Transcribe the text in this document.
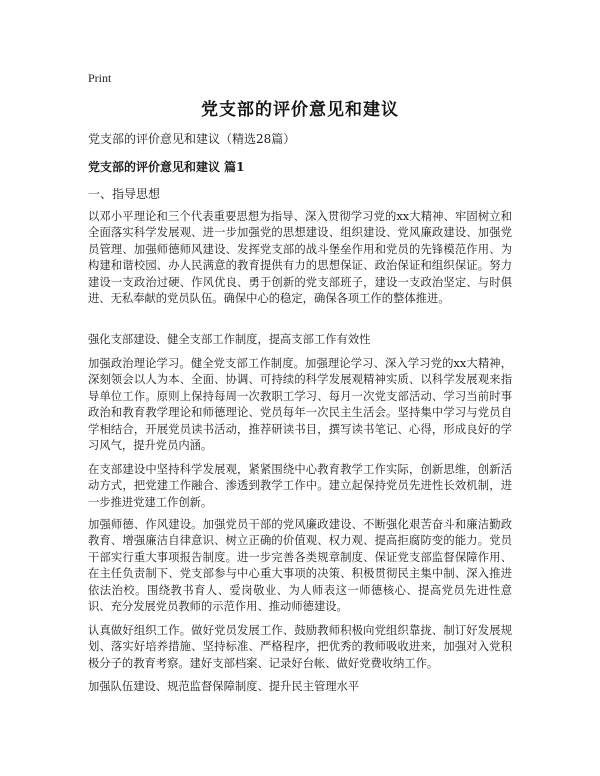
Print
党支部的评价意见和建议
党支部的评价意见和建议（精选28篇）
党支部的评价意见和建议 篇1
一、指导思想

以邓小平理论和三个代表重要思想为指导、深入贯彻学习党的xx大精神、牢固树立和全面落实科学发展观、进一步加强党的思想建设、组织建设、党风廉政建设、加强党员管理、加强师德师风建设、发挥党支部的战斗堡垒作用和党员的先锋模范作用、为构建和谐校园、办人民满意的教育提供有力的思想保证、政治保证和组织保证。努力建设一支政治过硬、作风优良、勇于创新的党支部班子，建设一支政治坚定、与时俱进、无私奉献的党员队伍。确保中心的稳定，确保各项工作的整体推进。

强化支部建设、健全支部工作制度，提高支部工作有效性

加强政治理论学习。健全党支部工作制度。加强理论学习、深入学习党的xx大精神，深刻领会以人为本、全面、协调、可持续的科学发展观精神实质、以科学发展观来指导单位工作。原则上保持每周一次教职工学习、每月一次党支部活动、学习当前时事政治和教育教学理论和师德理论、党员每年一次民主生活会。坚持集中学习与党员自学相结合，开展党员读书活动，推荐研读书目，撰写读书笔记、心得，形成良好的学习风气，提升党员内涵。

在支部建设中坚持科学发展观，紧紧围绕中心教育教学工作实际，创新思维，创新活动方式，把党建工作融合、渗透到教学工作中。建立起保持党员先进性长效机制，进一步推进党建工作创新。

加强师德、作风建设。加强党员干部的党风廉政建设、不断强化艰苦奋斗和廉洁勤政教育、增强廉洁自律意识、树立正确的价值观、权力观、提高拒腐防变的能力。党员干部实行重大事项报告制度。进一步完善各类规章制度、保证党支部监督保障作用、在主任负责制下、党支部参与中心重大事项的决策、积极贯彻民主集中制、深入推进依法治校。围绕教书育人、爱岗敬业、为人师表这一师德核心、提高党员先进性意识、充分发展党员教师的示范作用、推动师德建设。

认真做好组织工作。做好党员发展工作、鼓励教师积极向党组织靠拢、制订好发展规划、落实好培养措施、坚持标准、严格程序，把优秀的教师吸收进来，加强对入党积极分子的教育考察。建好支部档案、记录好台帐、做好党费收纳工作。

加强队伍建设、规范监督保障制度、提升民主管理水平
